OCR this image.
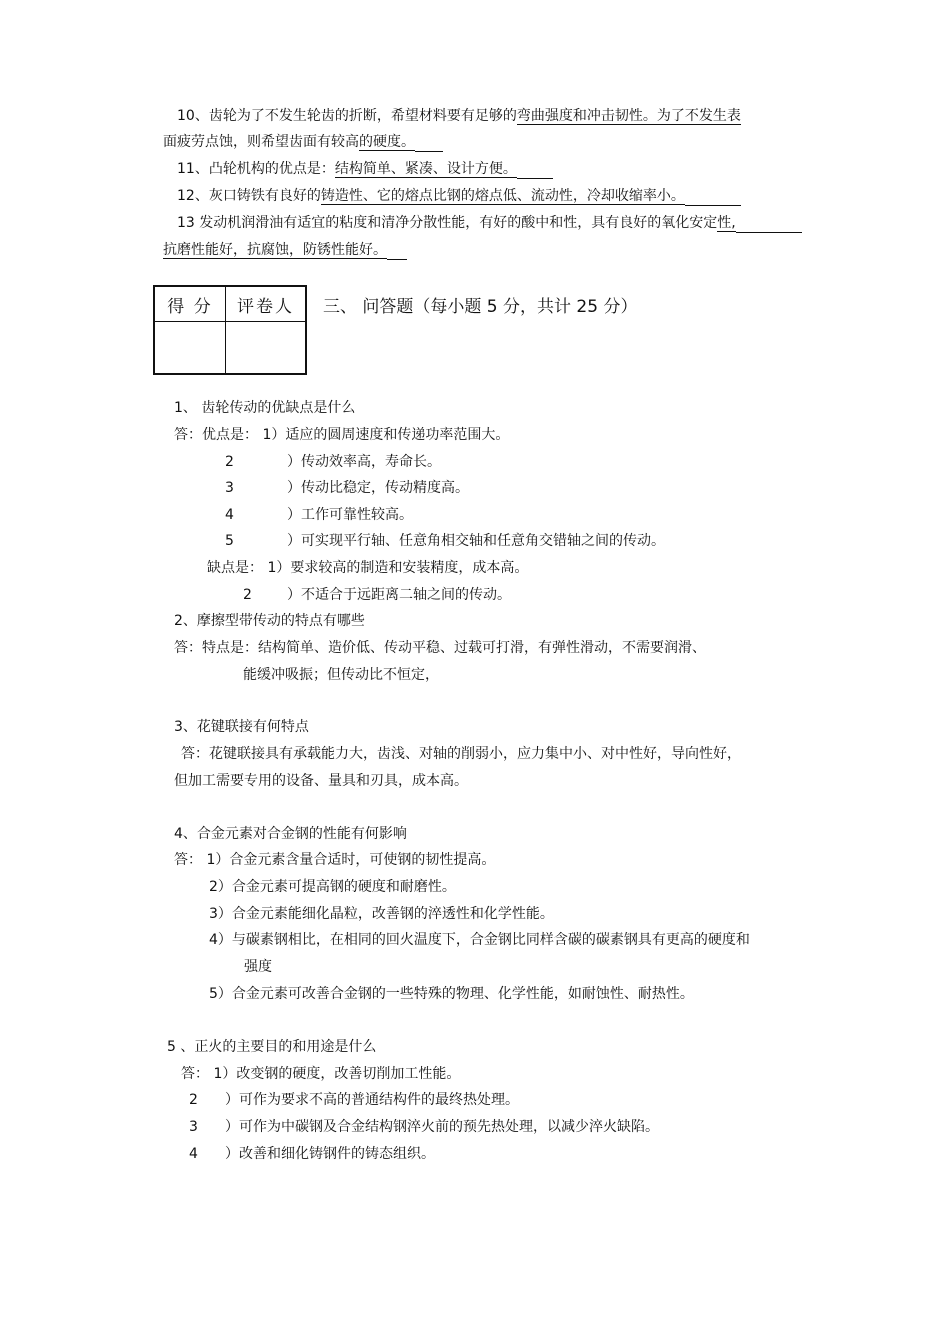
10、齿轮为了不发生轮齿的折断，希望材料要有足够的弯曲强度和冲击韧性。为了不发生表
面疲劳点蚀，则希望齿面有较高的硬度。
11、凸轮机构的优点是：结构简单、紧凑、设计方便。
12、灰口铸铁有良好的铸造性、它的熔点比钢的熔点低、流动性，冷却收缩率小。
13 发动机润滑油有适宜的粘度和清净分散性能，有好的酸中和性，具有良好的氧化安定性,
抗磨性能好，抗腐蚀，防锈性能好。
得 分	评卷人
	三、 问答题（每小题 5 分，共计 25 分）
1、 齿轮传动的优缺点是什么
答：优点是： 1）适应的圆周速度和传递功率范围大。
2	）传动效率高，寿命长。
3	）传动比稳定，传动精度高。
4	）工作可靠性较高。
5	）可实现平行轴、任意角相交轴和任意角交错轴之间的传动。
缺点是： 1）要求较高的制造和安装精度，成本高。
2	）不适合于远距离二轴之间的传动。
2、摩擦型带传动的特点有哪些
答：特点是：结构简单、造价低、传动平稳、过载可打滑，有弹性滑动，不需要润滑、
能缓冲吸振；但传动比不恒定，
3、花键联接有何特点
答：花键联接具有承载能力大，齿浅、对轴的削弱小，应力集中小、对中性好，导向性好，
但加工需要专用的设备、量具和刃具，成本高。
4、合金元素对合金钢的性能有何影响
答： 1）合金元素含量合适时，可使钢的韧性提高。
2）合金元素可提高钢的硬度和耐磨性。
3）合金元素能细化晶粒，改善钢的淬透性和化学性能。
4）与碳素钢相比，在相同的回火温度下，合金钢比同样含碳的碳素钢具有更高的硬度和
强度
5）合金元素可改善合金钢的一些特殊的物理、化学性能，如耐蚀性、耐热性。
5 、正火的主要目的和用途是什么
答： 1）改变钢的硬度，改善切削加工性能。
2 ）可作为要求不高的普通结构件的最终热处理。
3 ）可作为中碳钢及合金结构钢淬火前的预先热处理，以减少淬火缺陷。
4 ）改善和细化铸钢件的铸态组织。
